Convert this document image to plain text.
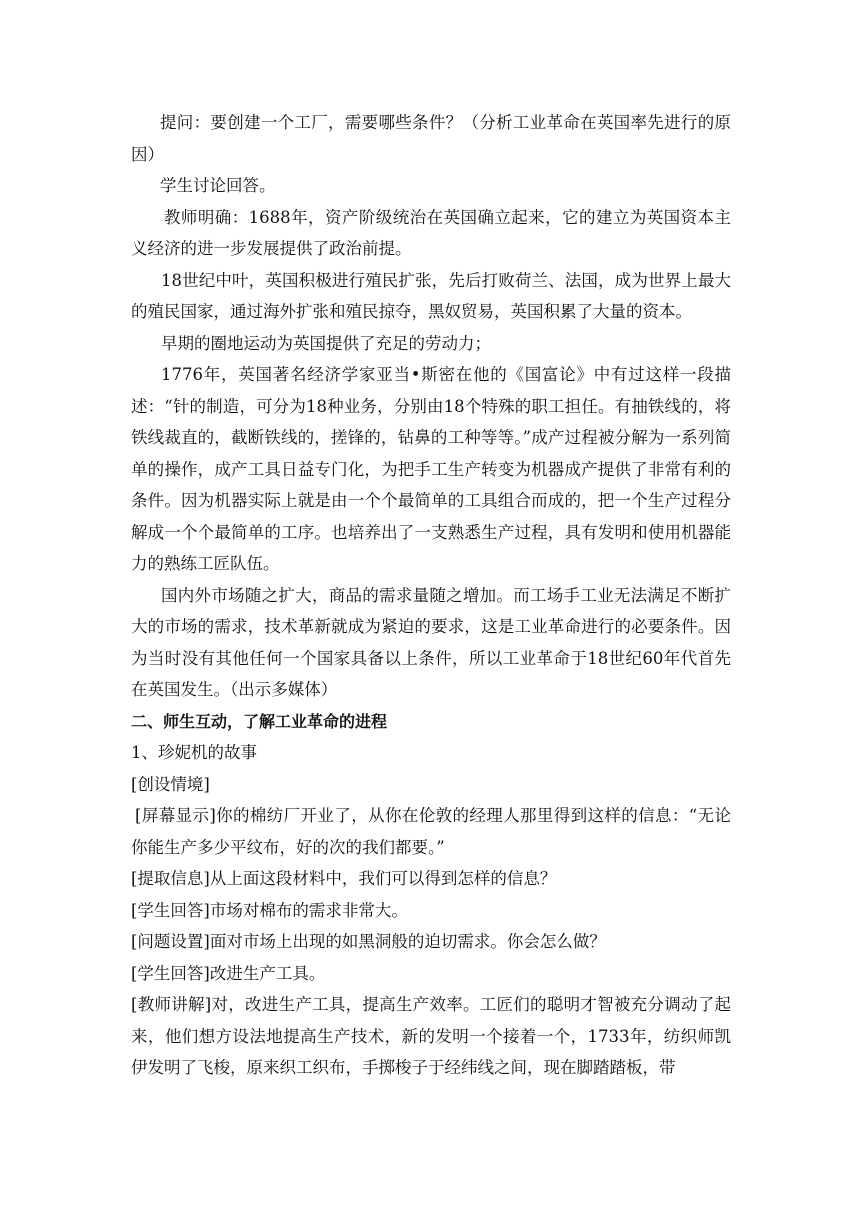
提问：要创建一个工厂，需要哪些条件？（分析工业革命在英国率先进行的原因）

学生讨论回答。

教师明确：1688年，资产阶级统治在英国确立起来，它的建立为英国资本主义经济的进一步发展提供了政治前提。

18世纪中叶，英国积极进行殖民扩张，先后打败荷兰、法国，成为世界上最大的殖民国家，通过海外扩张和殖民掠夺，黑奴贸易，英国积累了大量的资本。

早期的圈地运动为英国提供了充足的劳动力；

1776年，英国著名经济学家亚当•斯密在他的《国富论》中有过这样一段描述：“针的制造，可分为18种业务，分别由18个特殊的职工担任。有抽铁线的，将铁线裁直的，截断铁线的，搓锋的，钻鼻的工种等等。”成产过程被分解为一系列简单的操作，成产工具日益专门化，为把手工生产转变为机器成产提供了非常有利的条件。因为机器实际上就是由一个个最简单的工具组合而成的，把一个生产过程分解成一个个最简单的工序。也培养出了一支熟悉生产过程，具有发明和使用机器能力的熟练工匠队伍。

国内外市场随之扩大，商品的需求量随之增加。而工场手工业无法满足不断扩大的市场的需求，技术革新就成为紧迫的要求，这是工业革命进行的必要条件。因为当时没有其他任何一个国家具备以上条件，所以工业革命于18世纪60年代首先在英国发生。（出示多媒体）

二、师生互动，了解工业革命的进程

1、珍妮机的故事

[创设情境]

[屏幕显示]你的棉纺厂开业了，从你在伦敦的经理人那里得到这样的信息：“无论你能生产多少平纹布，好的次的我们都要。”

[提取信息]从上面这段材料中，我们可以得到怎样的信息？

[学生回答]市场对棉布的需求非常大。

[问题设置]面对市场上出现的如黑洞般的迫切需求。你会怎么做？

[学生回答]改进生产工具。

[教师讲解]对，改进生产工具，提高生产效率。工匠们的聪明才智被充分调动了起来，他们想方设法地提高生产技术，新的发明一个接着一个，1733年，纺织师凯伊发明了飞梭，原来织工织布，手掷梭子于经纬线之间，现在脚踏踏板，带
